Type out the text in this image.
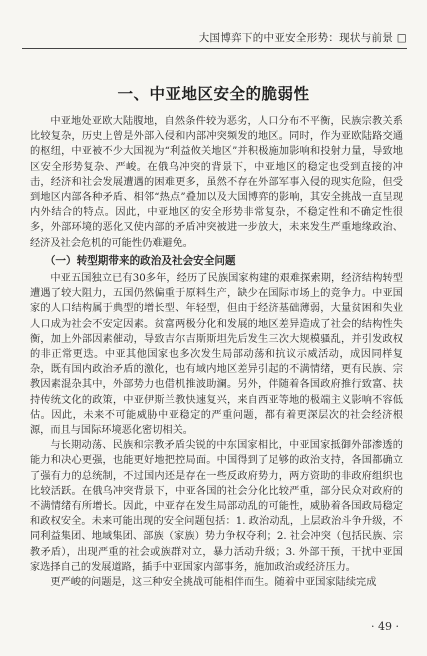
大国博弈下的中亚安全形势：现状与前景 □
一、中亚地区安全的脆弱性

中亚地处亚欧大陆腹地，自然条件较为恶劣，人口分布不平衡，民族宗教关系比较复杂，历史上曾是外部入侵和内部冲突频发的地区。同时，作为亚欧陆路交通的枢纽，中亚被不少大国视为“利益攸关地区”并积极施加影响和投射力量，导致地区安全形势复杂、严峻。在俄乌冲突的背景下，中亚地区的稳定也受到直接的冲击，经济和社会发展遭遇的困难更多，虽然不存在外部军事入侵的现实危险，但受到地区内部各种矛盾、相邻“热点”叠加以及大国博弈的影响，其安全挑战一直呈现内外结合的特点。因此，中亚地区的安全形势非常复杂，不稳定性和不确定性很多，外部环境的恶化又使内部的矛盾冲突被进一步放大，未来发生严重地缘政治、经济及社会危机的可能性仍难避免。

（一）转型期带来的政治及社会安全问题

中亚五国独立已有30多年，经历了民族国家构建的艰难探索期，经济结构转型遭遇了较大阻力，五国仍然偏重于原料生产，缺少在国际市场上的竞争力。中亚国家的人口结构属于典型的增长型、年轻型，但由于经济基础薄弱，大量贫困和失业人口成为社会不安定因素。贫富两极分化和发展的地区差异造成了社会的结构性失衡，加上外部因素催动，导致吉尔吉斯斯坦先后发生三次大规模骚乱，并引发政权的非正常更迭。中亚其他国家也多次发生局部动荡和抗议示威活动，成因同样复杂，既有国内政治矛盾的激化，也有域内地区差异引起的不满情绪，更有民族、宗教因素混杂其中，外部势力也借机推波助澜。另外，伴随着各国政府推行致富、扶持传统文化的政策，中亚伊斯兰教快速复兴，来自西亚等地的极端主义影响不容低估。因此，未来不可能威胁中亚稳定的严重问题，都有着更深层次的社会经济根源，而且与国际环境恶化密切相关。

与长期动荡、民族和宗教矛盾尖锐的中东国家相比，中亚国家抵御外部渗透的能力和决心更强，也能更好地把控局面。中国得到了足够的政治支持，各国都确立了强有力的总统制，不过国内还是存在一些反政府势力，两方资助的非政府组织也比较活跃。在俄乌冲突背景下，中亚各国的社会分化比较严重，部分民众对政府的不满情绪有所增长。因此，中亚存在发生局部动乱的可能性，威胁着各国政局稳定和政权安全。未来可能出现的安全问题包括：1. 政治动乱，上层政治斗争升级，不同利益集团、地域集团、部族（家族）势力争权夺利；2. 社会冲突（包括民族、宗教矛盾），出现严重的社会或族群对立，暴力活动升级；3. 外部干预，干扰中亚国家选择自己的发展道路，插手中亚国家内部事务，施加政治或经济压力。

更严峻的问题是，这三种安全挑战可能相伴而生。随着中亚国家陆续完成

· 49 ·
